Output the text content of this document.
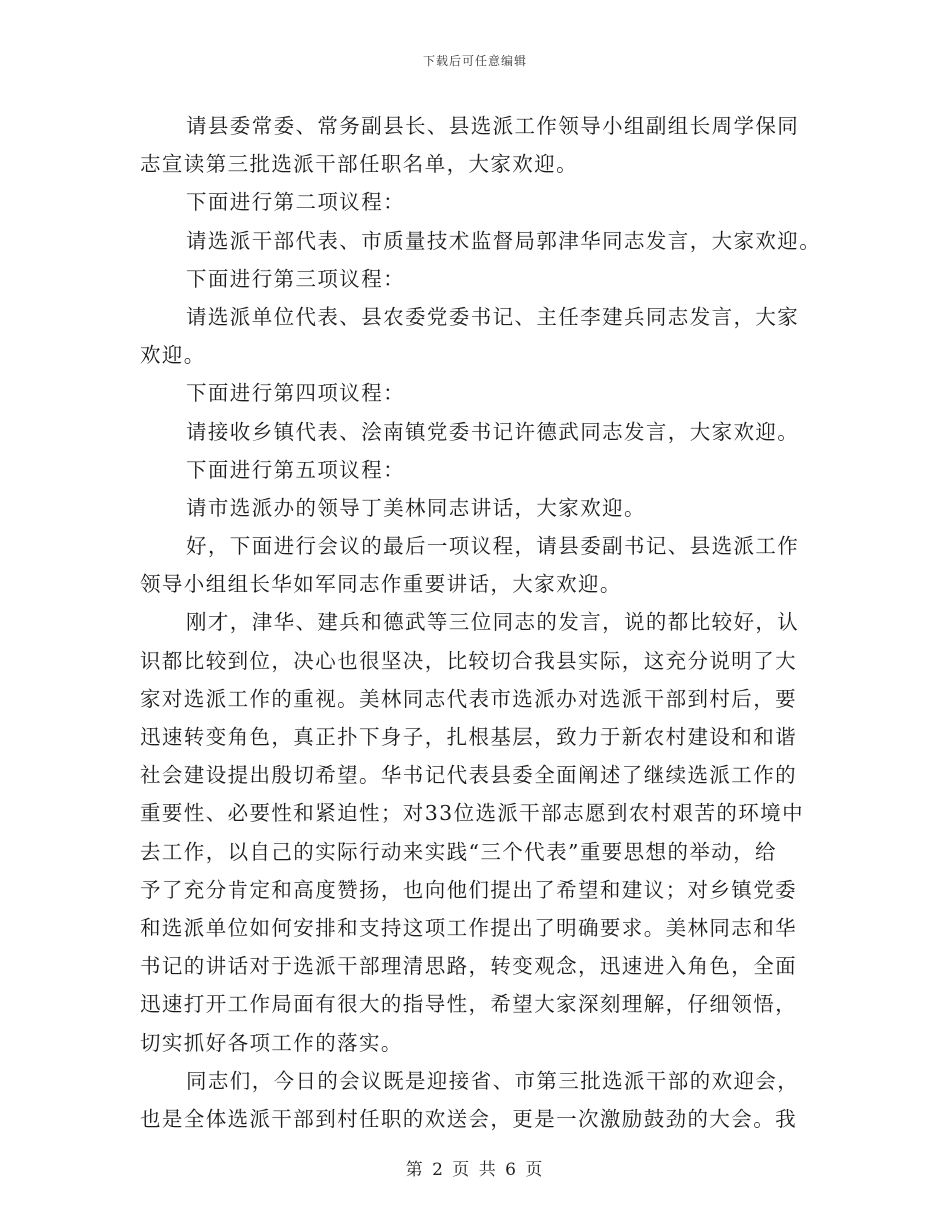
下载后可任意编辑
请县委常委、常务副县长、县选派工作领导小组副组长周学保同
志宣读第三批选派干部任职名单，大家欢迎。
下面进行第二项议程：
请选派干部代表、市质量技术监督局郭津华同志发言，大家欢迎。
下面进行第三项议程：
请选派单位代表、县农委党委书记、主任李建兵同志发言，大家
欢迎。
下面进行第四项议程：
请接收乡镇代表、浍南镇党委书记许德武同志发言，大家欢迎。
下面进行第五项议程：
请市选派办的领导丁美林同志讲话，大家欢迎。
好，下面进行会议的最后一项议程，请县委副书记、县选派工作
领导小组组长华如军同志作重要讲话，大家欢迎。
刚才，津华、建兵和德武等三位同志的发言，说的都比较好，认
识都比较到位，决心也很坚决，比较切合我县实际，这充分说明了大
家对选派工作的重视。美林同志代表市选派办对选派干部到村后，要
迅速转变角色，真正扑下身子，扎根基层，致力于新农村建设和和谐
社会建设提出殷切希望。华书记代表县委全面阐述了继续选派工作的
重要性、必要性和紧迫性；对33位选派干部志愿到农村艰苦的环境中
去工作，以自己的实际行动来实践“三个代表”重要思想的举动，给
予了充分肯定和高度赞扬，也向他们提出了希望和建议；对乡镇党委
和选派单位如何安排和支持这项工作提出了明确要求。美林同志和华
书记的讲话对于选派干部理清思路，转变观念，迅速进入角色，全面
迅速打开工作局面有很大的指导性，希望大家深刻理解，仔细领悟，
切实抓好各项工作的落实。
同志们，今日的会议既是迎接省、市第三批选派干部的欢迎会，
也是全体选派干部到村任职的欢送会，更是一次激励鼓劲的大会。我
第 2 页 共 6 页
